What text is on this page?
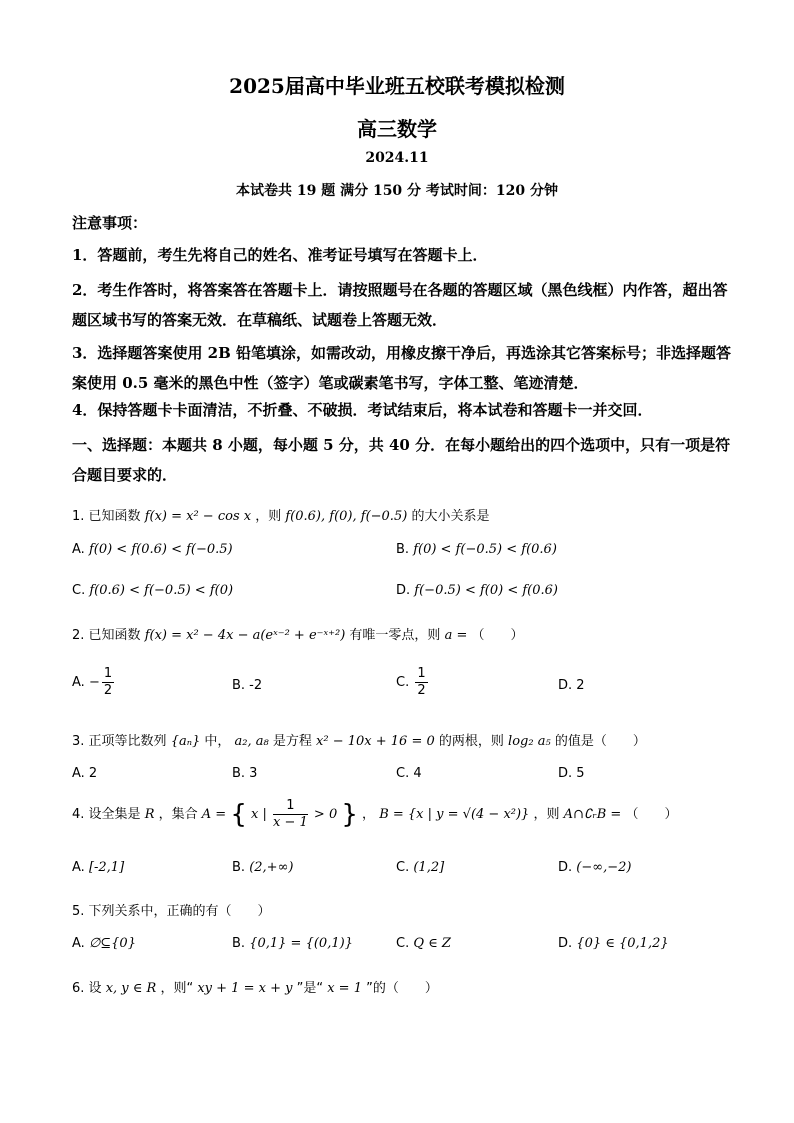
2025届高中毕业班五校联考模拟检测
高三数学
2024.11
本试卷共 19 题 满分 150 分 考试时间：120 分钟
注意事项：
1．答题前，考生先将自己的姓名、准考证号填写在答题卡上．
2．考生作答时，将答案答在答题卡上．请按照题号在各题的答题区域（黑色线框）内作答，超出答题区域书写的答案无效．在草稿纸、试题卷上答题无效．
3．选择题答案使用 2B 铅笔填涂，如需改动，用橡皮擦干净后，再选涂其它答案标号；非选择题答案使用 0.5 毫米的黑色中性（签字）笔或碳素笔书写，字体工整、笔迹清楚．
4．保持答题卡卡面清洁，不折叠、不破损．考试结束后，将本试卷和答题卡一并交回．
一、选择题：本题共 8 小题，每小题 5 分，共 40 分．在每小题给出的四个选项中，只有一项是符合题目要求的．
1. 已知函数 f(x) = x² − cos x ，则 f(0.6), f(0), f(−0.5) 的大小关系是
A. f(0) < f(0.6) < f(−0.5)	B. f(0) < f(−0.5) < f(0.6)
C. f(0.6) < f(−0.5) < f(0)	D. f(−0.5) < f(0) < f(0.6)
2. 已知函数 f(x) = x² − 4x − a(eˣ⁻² + e⁻ˣ⁺²) 有唯一零点，则 a = （　　）
A. − $\frac{1}{2}$	B. -2	C. $\frac{1}{2}$	D. 2
3. 正项等比数列 {aₙ} 中， a₂, a₈ 是方程 x² − 10x + 16 = 0 的两根，则 log₂ a₅ 的值是（　　）
A. 2	B. 3	C. 4	D. 5
4. 设全集是 R ，集合 A = { x | $\frac{1}{x - 1} > 0$ } ， B = {x | y = √(4 − x²)} ，则 A∩∁ᵣB = （　　）
A. [-2,1]	B. (2,+∞)	C. (1,2]	D. (−∞,−2)
5. 下列关系中，正确的有（　　）
A. ∅⊆{0}	B. {0,1} = {(0,1)}	C. Q ∈ Z	D. {0} ∈ {0,1,2}
6. 设 x, y ∈ R ，则“ xy + 1 = x + y ”是“ x = 1 ”的（　　）
